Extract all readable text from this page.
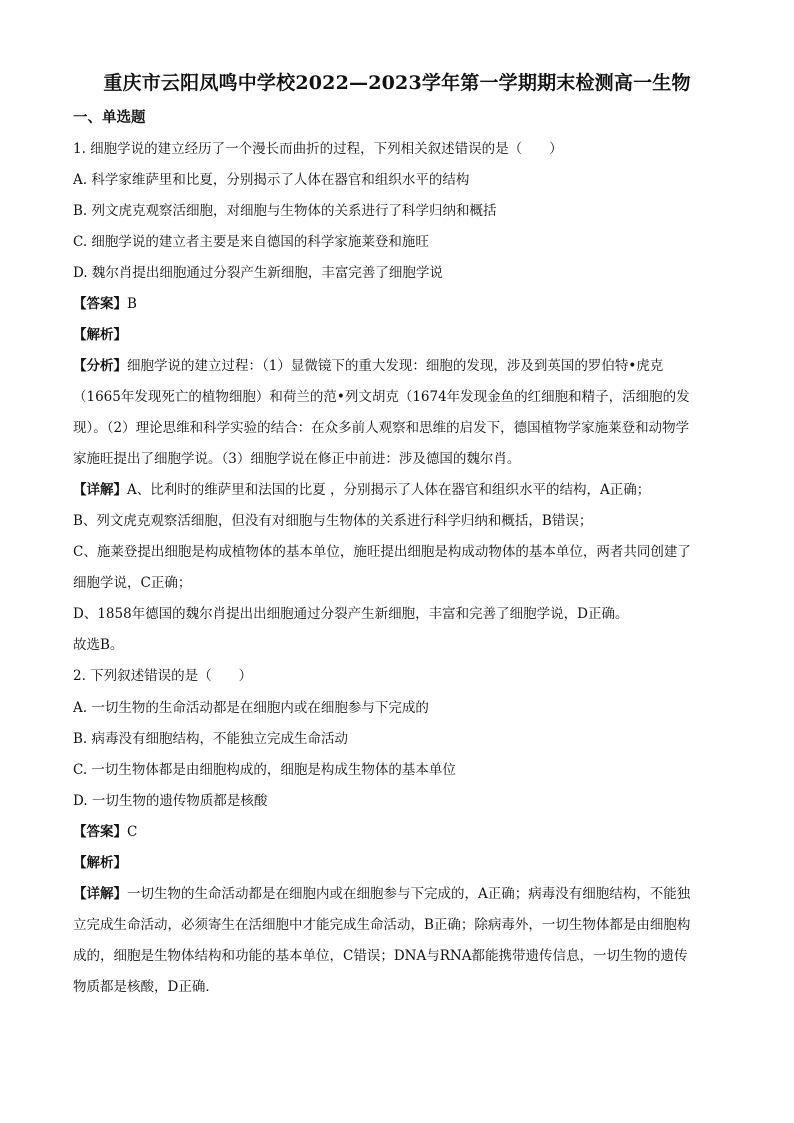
重庆市云阳凤鸣中学校2022—2023学年第一学期期末检测高一生物
一、单选题
1. 细胞学说的建立经历了一个漫长而曲折的过程，下列相关叙述错误的是（　　）
A. 科学家维萨里和比夏，分别揭示了人体在器官和组织水平的结构
B. 列文虎克观察活细胞，对细胞与生物体的关系进行了科学归纳和概括
C. 细胞学说的建立者主要是来自德国的科学家施莱登和施旺
D. 魏尔肖提出细胞通过分裂产生新细胞，丰富完善了细胞学说
【答案】B
【解析】
【分析】细胞学说的建立过程：（1）显微镜下的重大发现：细胞的发现，涉及到英国的罗伯特•虎克
（1665年发现死亡的植物细胞）和荷兰的范•列文胡克（1674年发现金鱼的红细胞和精子，活细胞的发
现）。（2）理论思维和科学实验的结合：在众多前人观察和思维的启发下，德国植物学家施莱登和动物学
家施旺提出了细胞学说。（3）细胞学说在修正中前进：涉及德国的魏尔肖。
【详解】A、比利时的维萨里和法国的比夏 ，分别揭示了人体在器官和组织水平的结构，A正确；
B、列文虎克观察活细胞，但没有对细胞与生物体的关系进行科学归纳和概括，B错误；
C、施莱登提出细胞是构成植物体的基本单位，施旺提出细胞是构成动物体的基本单位，两者共同创建了
细胞学说，C正确；
D、1858年德国的魏尔肖提出出细胞通过分裂产生新细胞，丰富和完善了细胞学说，D正确。
故选B。
2. 下列叙述错误的是（　　）
A. 一切生物的生命活动都是在细胞内或在细胞参与下完成的
B. 病毒没有细胞结构，不能独立完成生命活动
C. 一切生物体都是由细胞构成的，细胞是构成生物体的基本单位
D. 一切生物的遗传物质都是核酸
【答案】C
【解析】
【详解】一切生物的生命活动都是在细胞内或在细胞参与下完成的，A正确；病毒没有细胞结构，不能独
立完成生命活动，必须寄生在活细胞中才能完成生命活动，B正确；除病毒外，一切生物体都是由细胞构
成的，细胞是生物体结构和功能的基本单位，C错误；DNA与RNA都能携带遗传信息，一切生物的遗传
物质都是核酸，D正确．
